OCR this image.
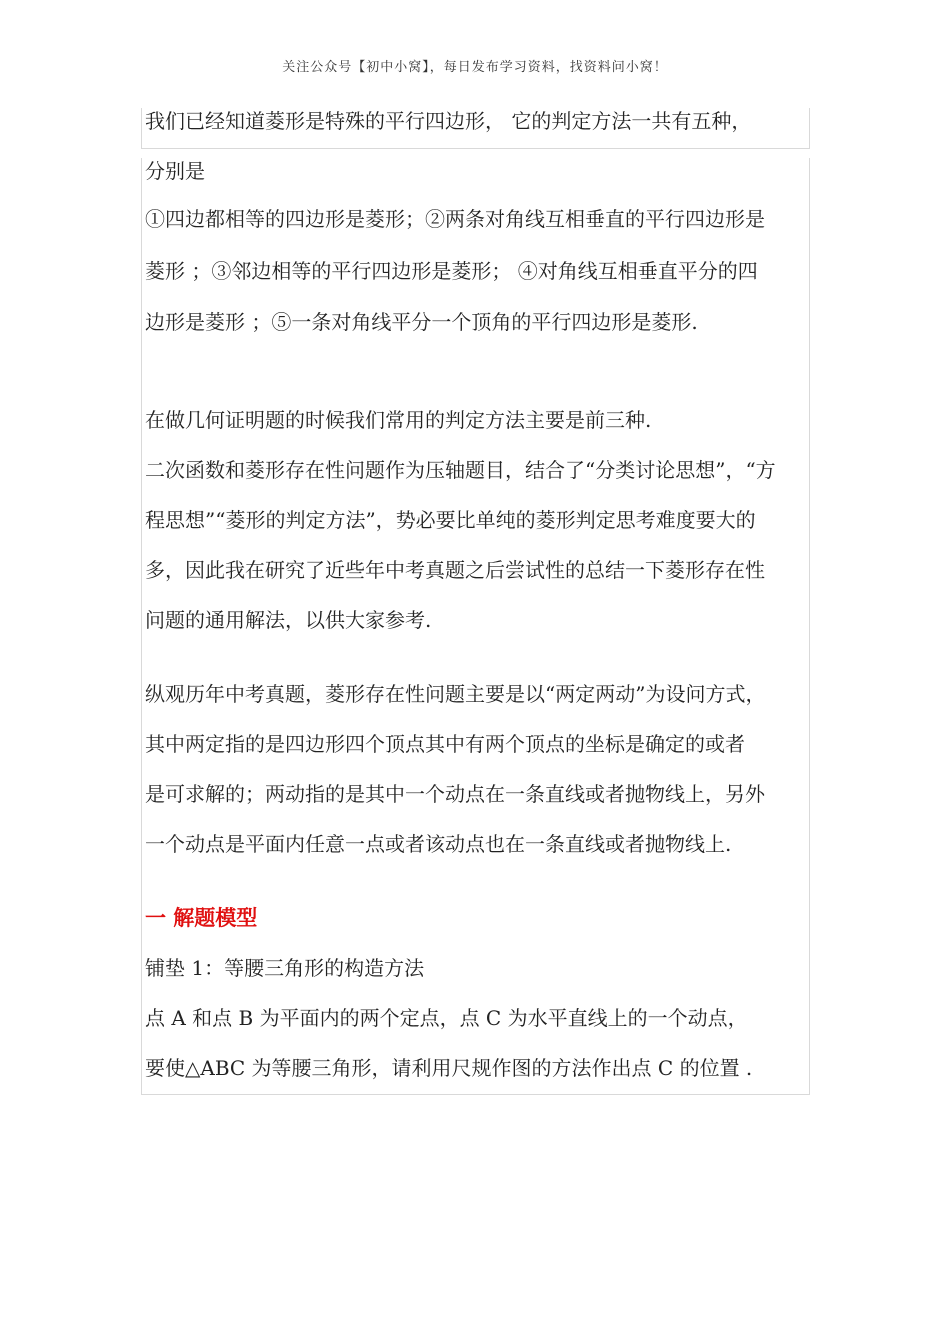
关注公众号【初中小窝】，每日发布学习资料，找资料问小窝！
我们已经知道菱形是特殊的平行四边形， 它的判定方法一共有五种，
分别是
①四边都相等的四边形是菱形；②两条对角线互相垂直的平行四边形是
菱形 ；③邻边相等的平行四边形是菱形； ④对角线互相垂直平分的四
边形是菱形 ；⑤一条对角线平分一个顶角的平行四边形是菱形.
在做几何证明题的时候我们常用的判定方法主要是前三种.
二次函数和菱形存在性问题作为压轴题目，结合了“分类讨论思想”，“方
程思想”“菱形的判定方法”，势必要比单纯的菱形判定思考难度要大的
多，因此我在研究了近些年中考真题之后尝试性的总结一下菱形存在性
问题的通用解法，以供大家参考.
纵观历年中考真题，菱形存在性问题主要是以“两定两动”为设问方式，
其中两定指的是四边形四个顶点其中有两个顶点的坐标是确定的或者
是可求解的；两动指的是其中一个动点在一条直线或者抛物线上，另外
一个动点是平面内任意一点或者该动点也在一条直线或者抛物线上.
一 解题模型
铺垫 1：等腰三角形的构造方法
点 A 和点 B 为平面内的两个定点，点 C 为水平直线上的一个动点，
要使△ABC 为等腰三角形，请利用尺规作图的方法作出点 C 的位置 .
